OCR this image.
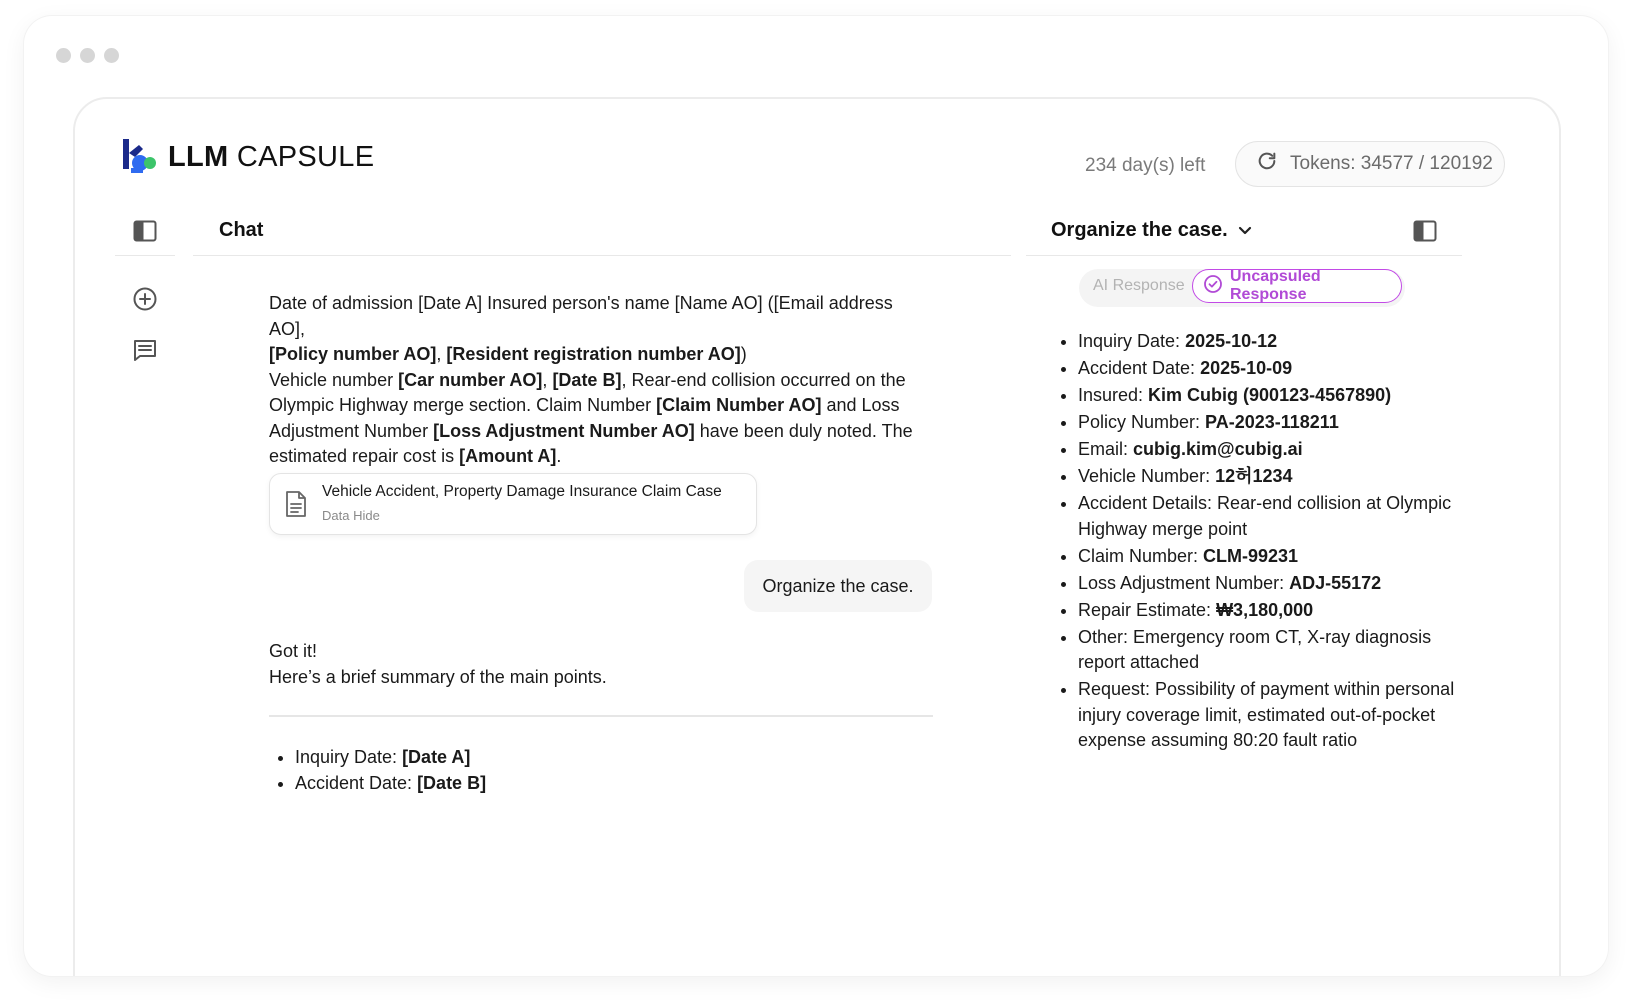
LLM CAPSULE	234 day(s) left	Tokens: 34577 / 120192
Chat
Date of admission [Date A] Insured person's name [Name AO] ([Email address AO],
[Policy number AO], [Resident registration number AO])
Vehicle number [Car number AO], [Date B], Rear-end collision occurred on the Olympic Highway merge section. Claim Number [Claim Number AO] and Loss Adjustment Number [Loss Adjustment Number AO] have been duly noted. The estimated repair cost is [Amount A].
Vehicle Accident, Property Damage Insurance Claim Case
Data Hide
Organize the case.
Got it!
Here’s a brief summary of the main points.
• Inquiry Date: [Date A]
• Accident Date: [Date B]
Organize the case.
AI Response
Uncapsuled Response
• Inquiry Date: 2025-10-12
• Accident Date: 2025-10-09
• Insured: Kim Cubig (900123-4567890)
• Policy Number: PA-2023-118211
• Email: cubig.kim@cubig.ai
• Vehicle Number: 12허1234
• Accident Details: Rear-end collision at Olympic Highway merge point
• Claim Number: CLM-99231
• Loss Adjustment Number: ADJ-55172
• Repair Estimate: ₩3,180,000
• Other: Emergency room CT, X-ray diagnosis report attached
• Request: Possibility of payment within personal injury coverage limit, estimated out-of-pocket expense assuming 80:20 fault ratio
